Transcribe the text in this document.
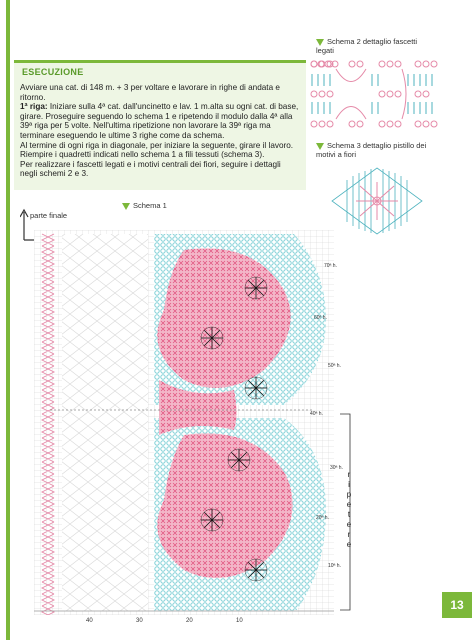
ESECUZIONE

Avviare una cat. di 148 m. + 3 per voltare e lavorare in righe di andata e ritorno.

1ª riga: Iniziare sulla 4ª cat. dall'uncinetto e lav. 1 m.alta su ogni cat. di base, girare. Proseguire seguendo lo schema 1 e ripetendo il modulo dalla 4ª alla 39ª riga per 5 volte. Nell'ultima ripetizione non lavorare la 39ª riga ma terminare eseguendo le ultime 3 righe come da schema.

Al termine di ogni riga in diagonale, per iniziare la seguente, girare il lavoro. Riempire i quadretti indicati nello schema 1 a fili tessuti (schema 3).

Per realizzare i fascetti legati e i motivi centrali dei fiori, seguire i dettagli negli schemi 2 e 3.

Schema 2 dettaglio fascetti legati
Schema 3 dettaglio pistillo dei motivi a fiori
Schema 1
parte finale
70ª h.
60ª h.
50ª h.
40ª h.
30ª h.
20ª h.
10ª h.
r
i
p
e
t
e
r
e
40	30	20	10
13
